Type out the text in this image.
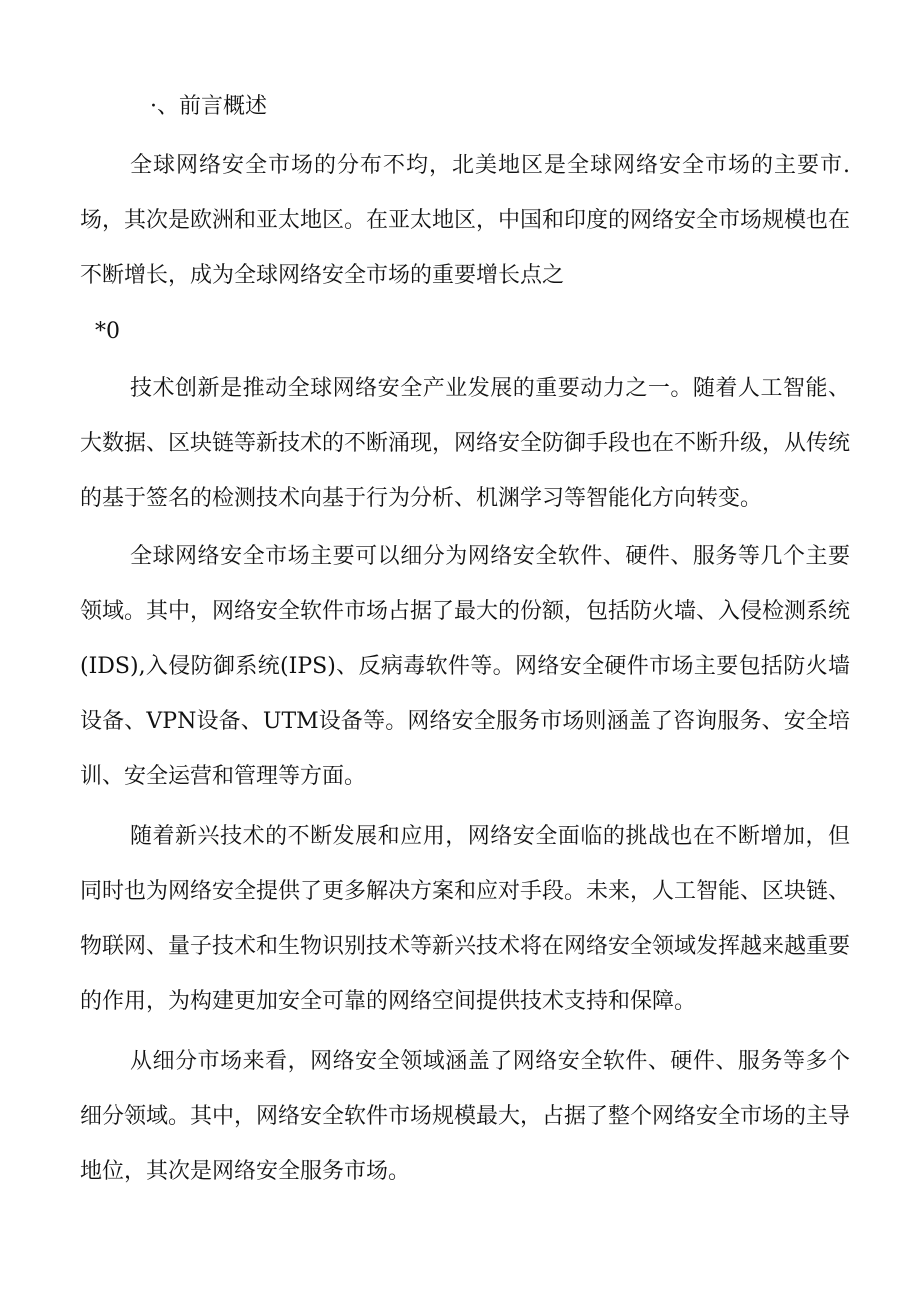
·、前言概述

全球网络安全市场的分布不均，北美地区是全球网络安全市场的主要市.场，其次是欧洲和亚太地区。在亚太地区，中国和印度的网络安全市场规模也在不断增长，成为全球网络安全市场的重要增长点之

*0

技术创新是推动全球网络安全产业发展的重要动力之一。随着人工智能、大数据、区块链等新技术的不断涌现，网络安全防御手段也在不断升级，从传统的基于签名的检测技术向基于行为分析、机渊学习等智能化方向转变。

全球网络安全市场主要可以细分为网络安全软件、硬件、服务等几个主要领域。其中，网络安全软件市场占据了最大的份额，包括防火墙、入侵检测系统(IDS),入侵防御系统(IPS)、反病毒软件等。网络安全硬件市场主要包括防火墙设备、VPN设备、UTM设备等。网络安全服务市场则涵盖了咨询服务、安全培训、安全运营和管理等方面。

随着新兴技术的不断发展和应用，网络安全面临的挑战也在不断增加，但同时也为网络安全提供了更多解决方案和应对手段。未来，人工智能、区块链、物联网、量子技术和生物识别技术等新兴技术将在网络安全领域发挥越来越重要的作用，为构建更加安全可靠的网络空间提供技术支持和保障。

从细分市场来看，网络安全领域涵盖了网络安全软件、硬件、服务等多个细分领域。其中，网络安全软件市场规模最大，占据了整个网络安全市场的主导地位，其次是网络安全服务市场。
